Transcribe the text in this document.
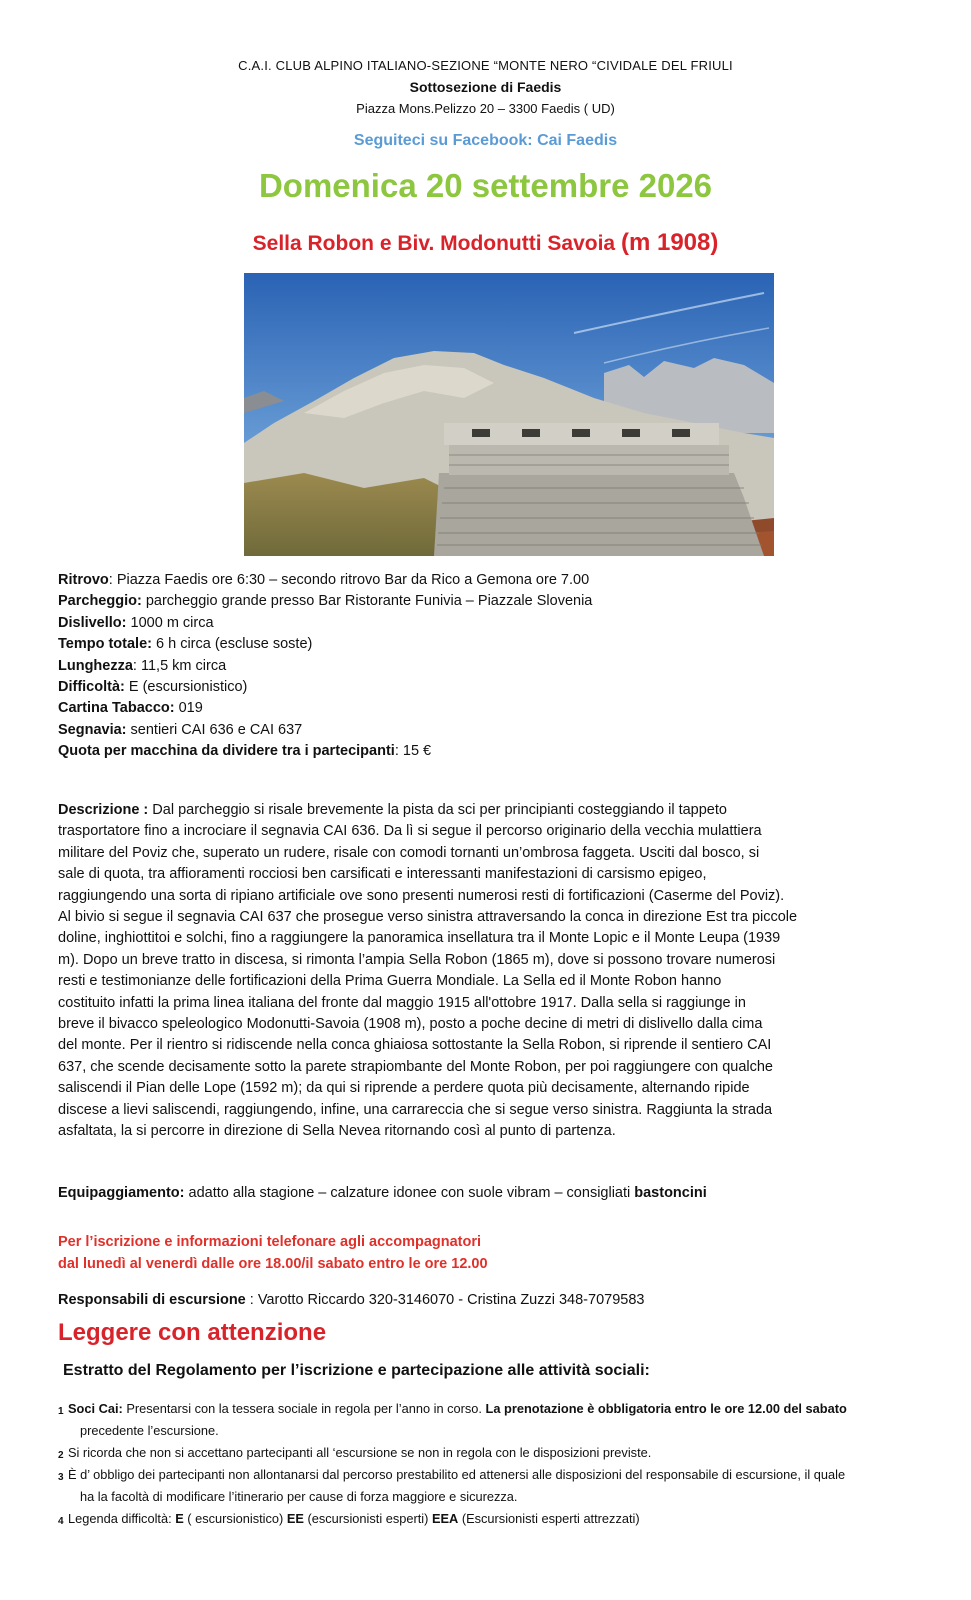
C.A.I. CLUB ALPINO ITALIANO-SEZIONE “MONTE NERO “CIVIDALE DEL FRIULI
Sottosezione di Faedis
Piazza Mons.Pelizzo 20 – 3300 Faedis ( UD)
Seguiteci su Facebook: Cai Faedis
Domenica 20 settembre 2026
Sella Robon e Biv. Modonutti Savoia (m 1908)
Ritrovo: Piazza Faedis ore 6:30 – secondo ritrovo Bar da Rico a Gemona ore 7.00
Parcheggio: parcheggio grande presso Bar Ristorante Funivia – Piazzale Slovenia
Dislivello: 1000 m circa
Tempo totale: 6 h circa (escluse soste)
Lunghezza: 11,5 km circa
Difficoltà: E (escursionistico)
Cartina Tabacco: 019
Segnavia: sentieri CAI 636 e CAI 637
Quota per macchina da dividere tra i partecipanti: 15 €
Descrizione : Dal parcheggio si risale brevemente la pista da sci per principianti costeggiando il tappeto
trasportatore fino a incrociare il segnavia CAI 636. Da lì si segue il percorso originario della vecchia mulattiera
militare del Poviz che, superato un rudere, risale con comodi tornanti un’ombrosa faggeta. Usciti dal bosco, si
sale di quota, tra affioramenti rocciosi ben carsificati e interessanti manifestazioni di carsismo epigeo,
raggiungendo una sorta di ripiano artificiale ove sono presenti numerosi resti di fortificazioni (Caserme del Poviz).
Al bivio si segue il segnavia CAI 637 che prosegue verso sinistra attraversando la conca in direzione Est tra piccole
doline, inghiottitoi e solchi, fino a raggiungere la panoramica insellatura tra il Monte Lopic e il Monte Leupa (1939
m). Dopo un breve tratto in discesa, si rimonta l’ampia Sella Robon (1865 m), dove si possono trovare numerosi
resti e testimonianze delle fortificazioni della Prima Guerra Mondiale. La Sella ed il Monte Robon hanno
costituito infatti la prima linea italiana del fronte dal maggio 1915 all'ottobre 1917. Dalla sella si raggiunge in
breve il bivacco speleologico Modonutti-Savoia (1908 m), posto a poche decine di metri di dislivello dalla cima
del monte. Per il rientro si ridiscende nella conca ghiaiosa sottostante la Sella Robon, si riprende il sentiero CAI
637, che scende decisamente sotto la parete strapiombante del Monte Robon, per poi raggiungere con qualche
saliscendi il Pian delle Lope (1592 m); da qui si riprende a perdere quota più decisamente, alternando ripide
discese a lievi saliscendi, raggiungendo, infine, una carrareccia che si segue verso sinistra. Raggiunta la strada
asfaltata, la si percorre in direzione di Sella Nevea ritornando così al punto di partenza.
Equipaggiamento: adatto alla stagione – calzature idonee con suole vibram – consigliati bastoncini
Per l’iscrizione e informazioni telefonare agli accompagnatori
dal lunedì al venerdì dalle ore 18.00/il sabato entro le ore 12.00
Responsabili di escursione : Varotto Riccardo 320-3146070 - Cristina Zuzzi 348-7079583
Leggere con attenzione
Estratto del Regolamento per l’iscrizione e partecipazione alle attività sociali:
1 Soci Cai: Presentarsi con la tessera sociale in regola per l’anno in corso. La prenotazione è obbligatoria entro le ore 12.00 del sabato
precedente l’escursione.
2 Si ricorda che non si accettano partecipanti all ‘escursione se non in regola con le disposizioni previste.
3 È d’ obbligo dei partecipanti non allontanarsi dal percorso prestabilito ed attenersi alle disposizioni del responsabile di escursione, il quale
ha la facoltà di modificare l’itinerario per cause di forza maggiore e sicurezza.
4 Legenda difficoltà: E ( escursionistico) EE (escursionisti esperti) EEA (Escursionisti esperti attrezzati)
